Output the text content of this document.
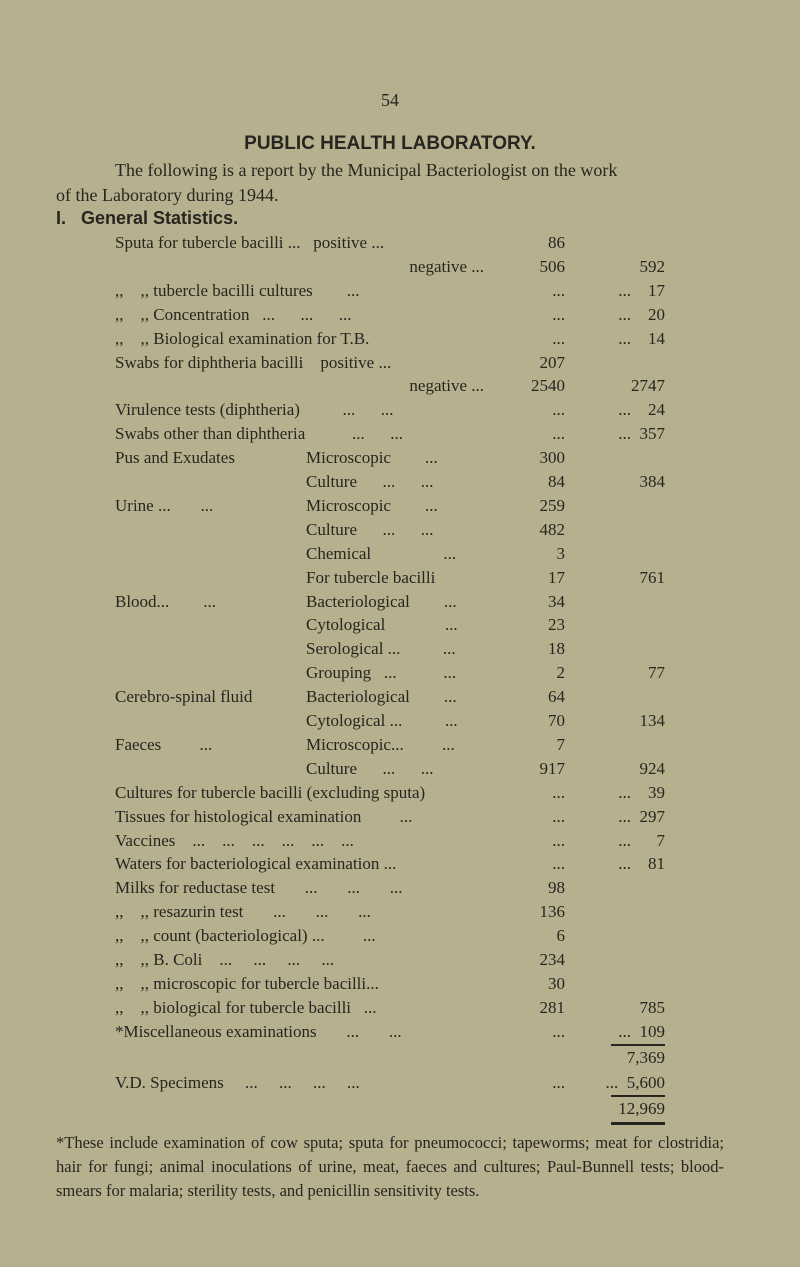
54
PUBLIC HEALTH LABORATORY.
The following is a report by the Municipal Bacteriologist on the work
of the Laboratory during 1944.
I.   General Statistics.
Sputa for tubercle bacilli ...   positive ...	86
negative ...	506	592
,,    ,, tubercle bacilli cultures        ...	...	...    17
,,    ,, Concentration   ...      ...      ...	...	...    20
,,    ,, Biological examination for T.B.	...	...    14
Swabs for diphtheria bacilli    positive ...	207
negative ...	2540	2747
Virulence tests (diphtheria)          ...      ...	...	...    24
Swabs other than diphtheria           ...      ...	...	...  357
Pus and Exudates	Microscopic        ...	300
Culture      ...      ...	84	384
Urine ...       ...	Microscopic        ...	259
Culture      ...      ...	482
Chemical                 ...	3
For tubercle bacilli	17	761
Blood...        ...	Bacteriological        ...	34
Cytological              ...	23
Serological ...          ...	18
Grouping   ...           ...	2	77
Cerebro-spinal fluid	Bacteriological        ...	64
Cytological ...          ...	70	134
Faeces         ...	Microscopic...         ...	7
Culture      ...      ...	917	924
Cultures for tubercle bacilli (excluding sputa)	...	...    39
Tissues for histological examination         ...	...	...  297
Vaccines    ...    ...    ...    ...    ...    ...	...	...      7
Waters for bacteriological examination ...	...	...    81
Milks for reductase test       ...       ...       ...	98
,,    ,, resazurin test       ...       ...       ...	136
,,    ,, count (bacteriological) ...         ...	6
,,    ,, B. Coli    ...     ...     ...     ...	234
,,    ,, microscopic for tubercle bacilli...	30
,,    ,, biological for tubercle bacilli   ...	281	785
*Miscellaneous examinations       ...       ...	...	...  109
7,369
V.D. Specimens     ...     ...     ...     ...	... ...  5,600
12,969
*These include examination of cow sputa; sputa for pneumococci; tapeworms; meat for clostridia; hair for fungi; animal inoculations of urine, meat, faeces and cultures; Paul-Bunnell tests; blood-smears for malaria; sterility tests, and penicillin sensitivity tests.
